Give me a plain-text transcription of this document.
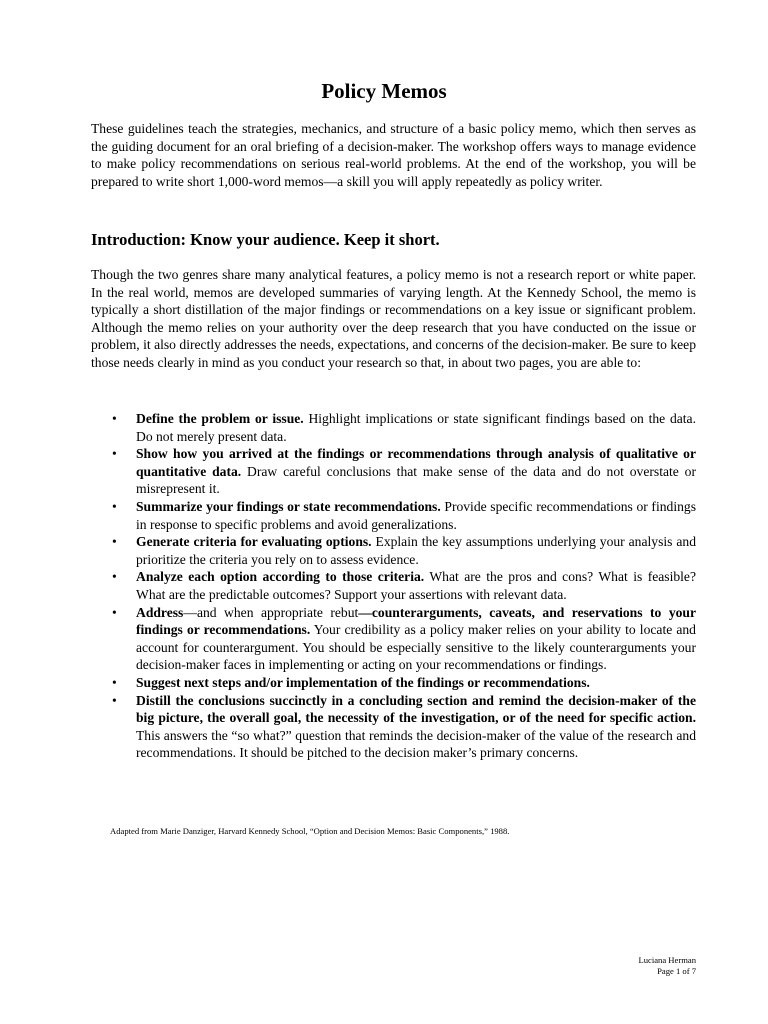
Policy Memos

These guidelines teach the strategies, mechanics, and structure of a basic policy memo, which then serves as the guiding document for an oral briefing of a decision-maker. The workshop offers ways to manage evidence to make policy recommendations on serious real-world problems. At the end of the workshop, you will be prepared to write short 1,000-word memos—a skill you will apply repeatedly as policy writer.

Introduction: Know your audience. Keep it short.

Though the two genres share many analytical features, a policy memo is not a research report or white paper. In the real world, memos are developed summaries of varying length. At the Kennedy School, the memo is typically a short distillation of the major findings or recommendations on a key issue or significant problem. Although the memo relies on your authority over the deep research that you have conducted on the issue or problem, it also directly addresses the needs, expectations, and concerns of the decision-maker. Be sure to keep those needs clearly in mind as you conduct your research so that, in about two pages, you are able to:

• Define the problem or issue. Highlight implications or state significant findings based on the data. Do not merely present data.
• Show how you arrived at the findings or recommendations through analysis of qualitative or quantitative data. Draw careful conclusions that make sense of the data and do not overstate or misrepresent it.
• Summarize your findings or state recommendations. Provide specific recommendations or findings in response to specific problems and avoid generalizations.
• Generate criteria for evaluating options. Explain the key assumptions underlying your analysis and prioritize the criteria you rely on to assess evidence.
• Analyze each option according to those criteria. What are the pros and cons? What is feasible? What are the predictable outcomes? Support your assertions with relevant data.
• Address—and when appropriate rebut—counterarguments, caveats, and reservations to your findings or recommendations. Your credibility as a policy maker relies on your ability to locate and account for counterargument. You should be especially sensitive to the likely counterarguments your decision-maker faces in implementing or acting on your recommendations or findings.
• Suggest next steps and/or implementation of the findings or recommendations.
• Distill the conclusions succinctly in a concluding section and remind the decision-maker of the big picture, the overall goal, the necessity of the investigation, or of the need for specific action. This answers the “so what?” question that reminds the decision-maker of the value of the research and recommendations. It should be pitched to the decision maker’s primary concerns.

Adapted from Marie Danziger, Harvard Kennedy School, “Option and Decision Memos: Basic Components,” 1988.

Luciana Herman
Page 1 of 7
